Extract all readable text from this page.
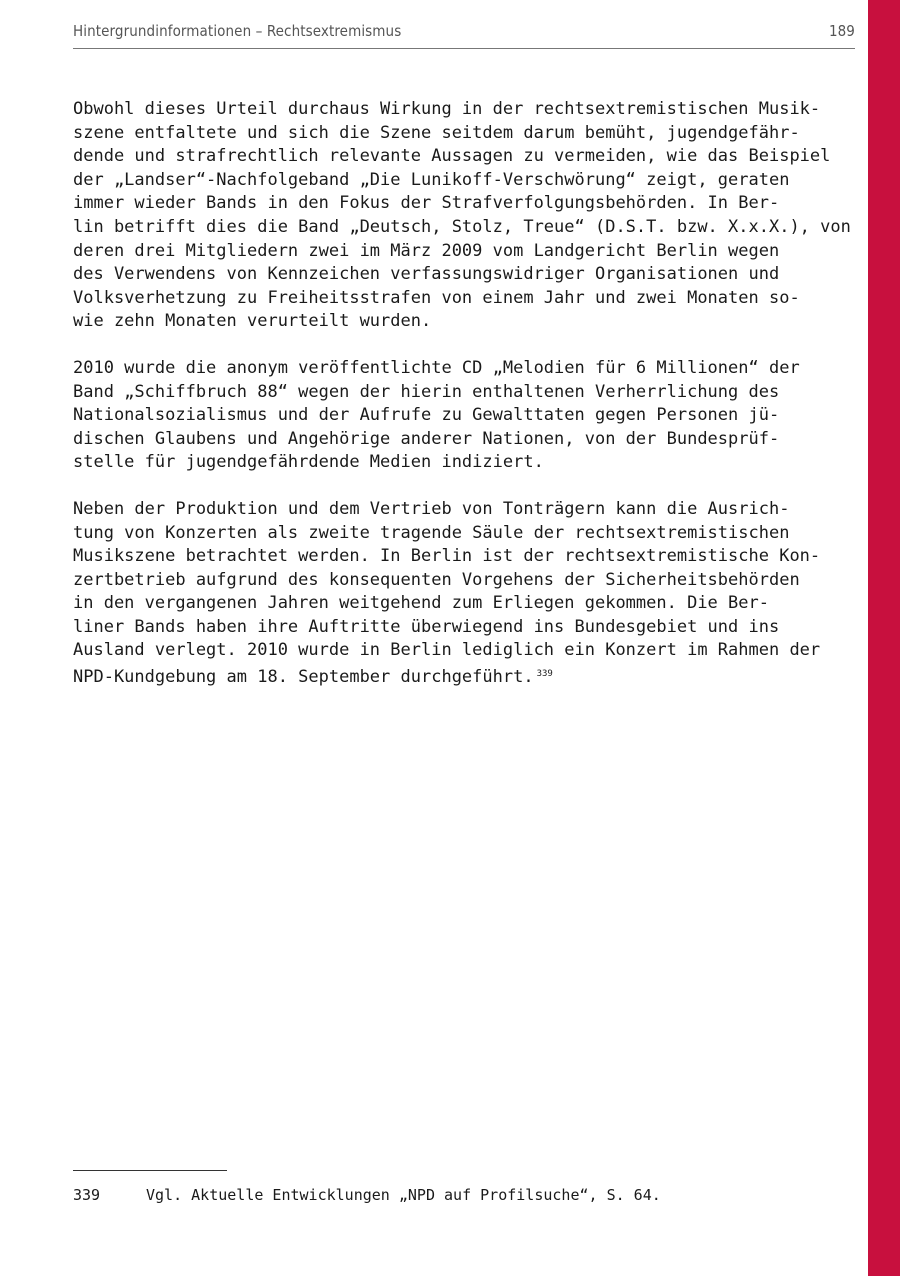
Hintergrundinformationen – Rechtsextremismus	189

Obwohl dieses Urteil durchaus Wirkung in der rechtsextremistischen Musik-
szene entfaltete und sich die Szene seitdem darum bemüht, jugendgefähr-
dende und strafrechtlich relevante Aussagen zu vermeiden, wie das Beispiel
der „Landser“-Nachfolgeband „Die Lunikoff-Verschwörung“ zeigt, geraten
immer wieder Bands in den Fokus der Strafverfolgungsbehörden. In Ber-
lin betrifft dies die Band „Deutsch, Stolz, Treue“ (D.S.T. bzw. X.x.X.), von
deren drei Mitgliedern zwei im März 2009 vom Landgericht Berlin wegen
des Verwendens von Kennzeichen verfassungswidriger Organisationen und
Volksverhetzung zu Freiheitsstrafen von einem Jahr und zwei Monaten so-
wie zehn Monaten verurteilt wurden.

2010 wurde die anonym veröffentlichte CD „Melodien für 6 Millionen“ der
Band „Schiffbruch 88“ wegen der hierin enthaltenen Verherrlichung des
Nationalsozialismus und der Aufrufe zu Gewalttaten gegen Personen jü-
dischen Glaubens und Angehörige anderer Nationen, von der Bundesprüf-
stelle für jugendgefährdende Medien indiziert.

Neben der Produktion und dem Vertrieb von Tonträgern kann die Ausrich-
tung von Konzerten als zweite tragende Säule der rechtsextremistischen
Musikszene betrachtet werden. In Berlin ist der rechtsextremistische Kon-
zertbetrieb aufgrund des konsequenten Vorgehens der Sicherheitsbehörden
in den vergangenen Jahren weitgehend zum Erliegen gekommen. Die Ber-
liner Bands haben ihre Auftritte überwiegend ins Bundesgebiet und ins
Ausland verlegt. 2010 wurde in Berlin lediglich ein Konzert im Rahmen der
NPD-Kundgebung am 18. September durchgeführt. $^{339}$

339	Vgl. Aktuelle Entwicklungen „NPD auf Profilsuche“, S. 64.
